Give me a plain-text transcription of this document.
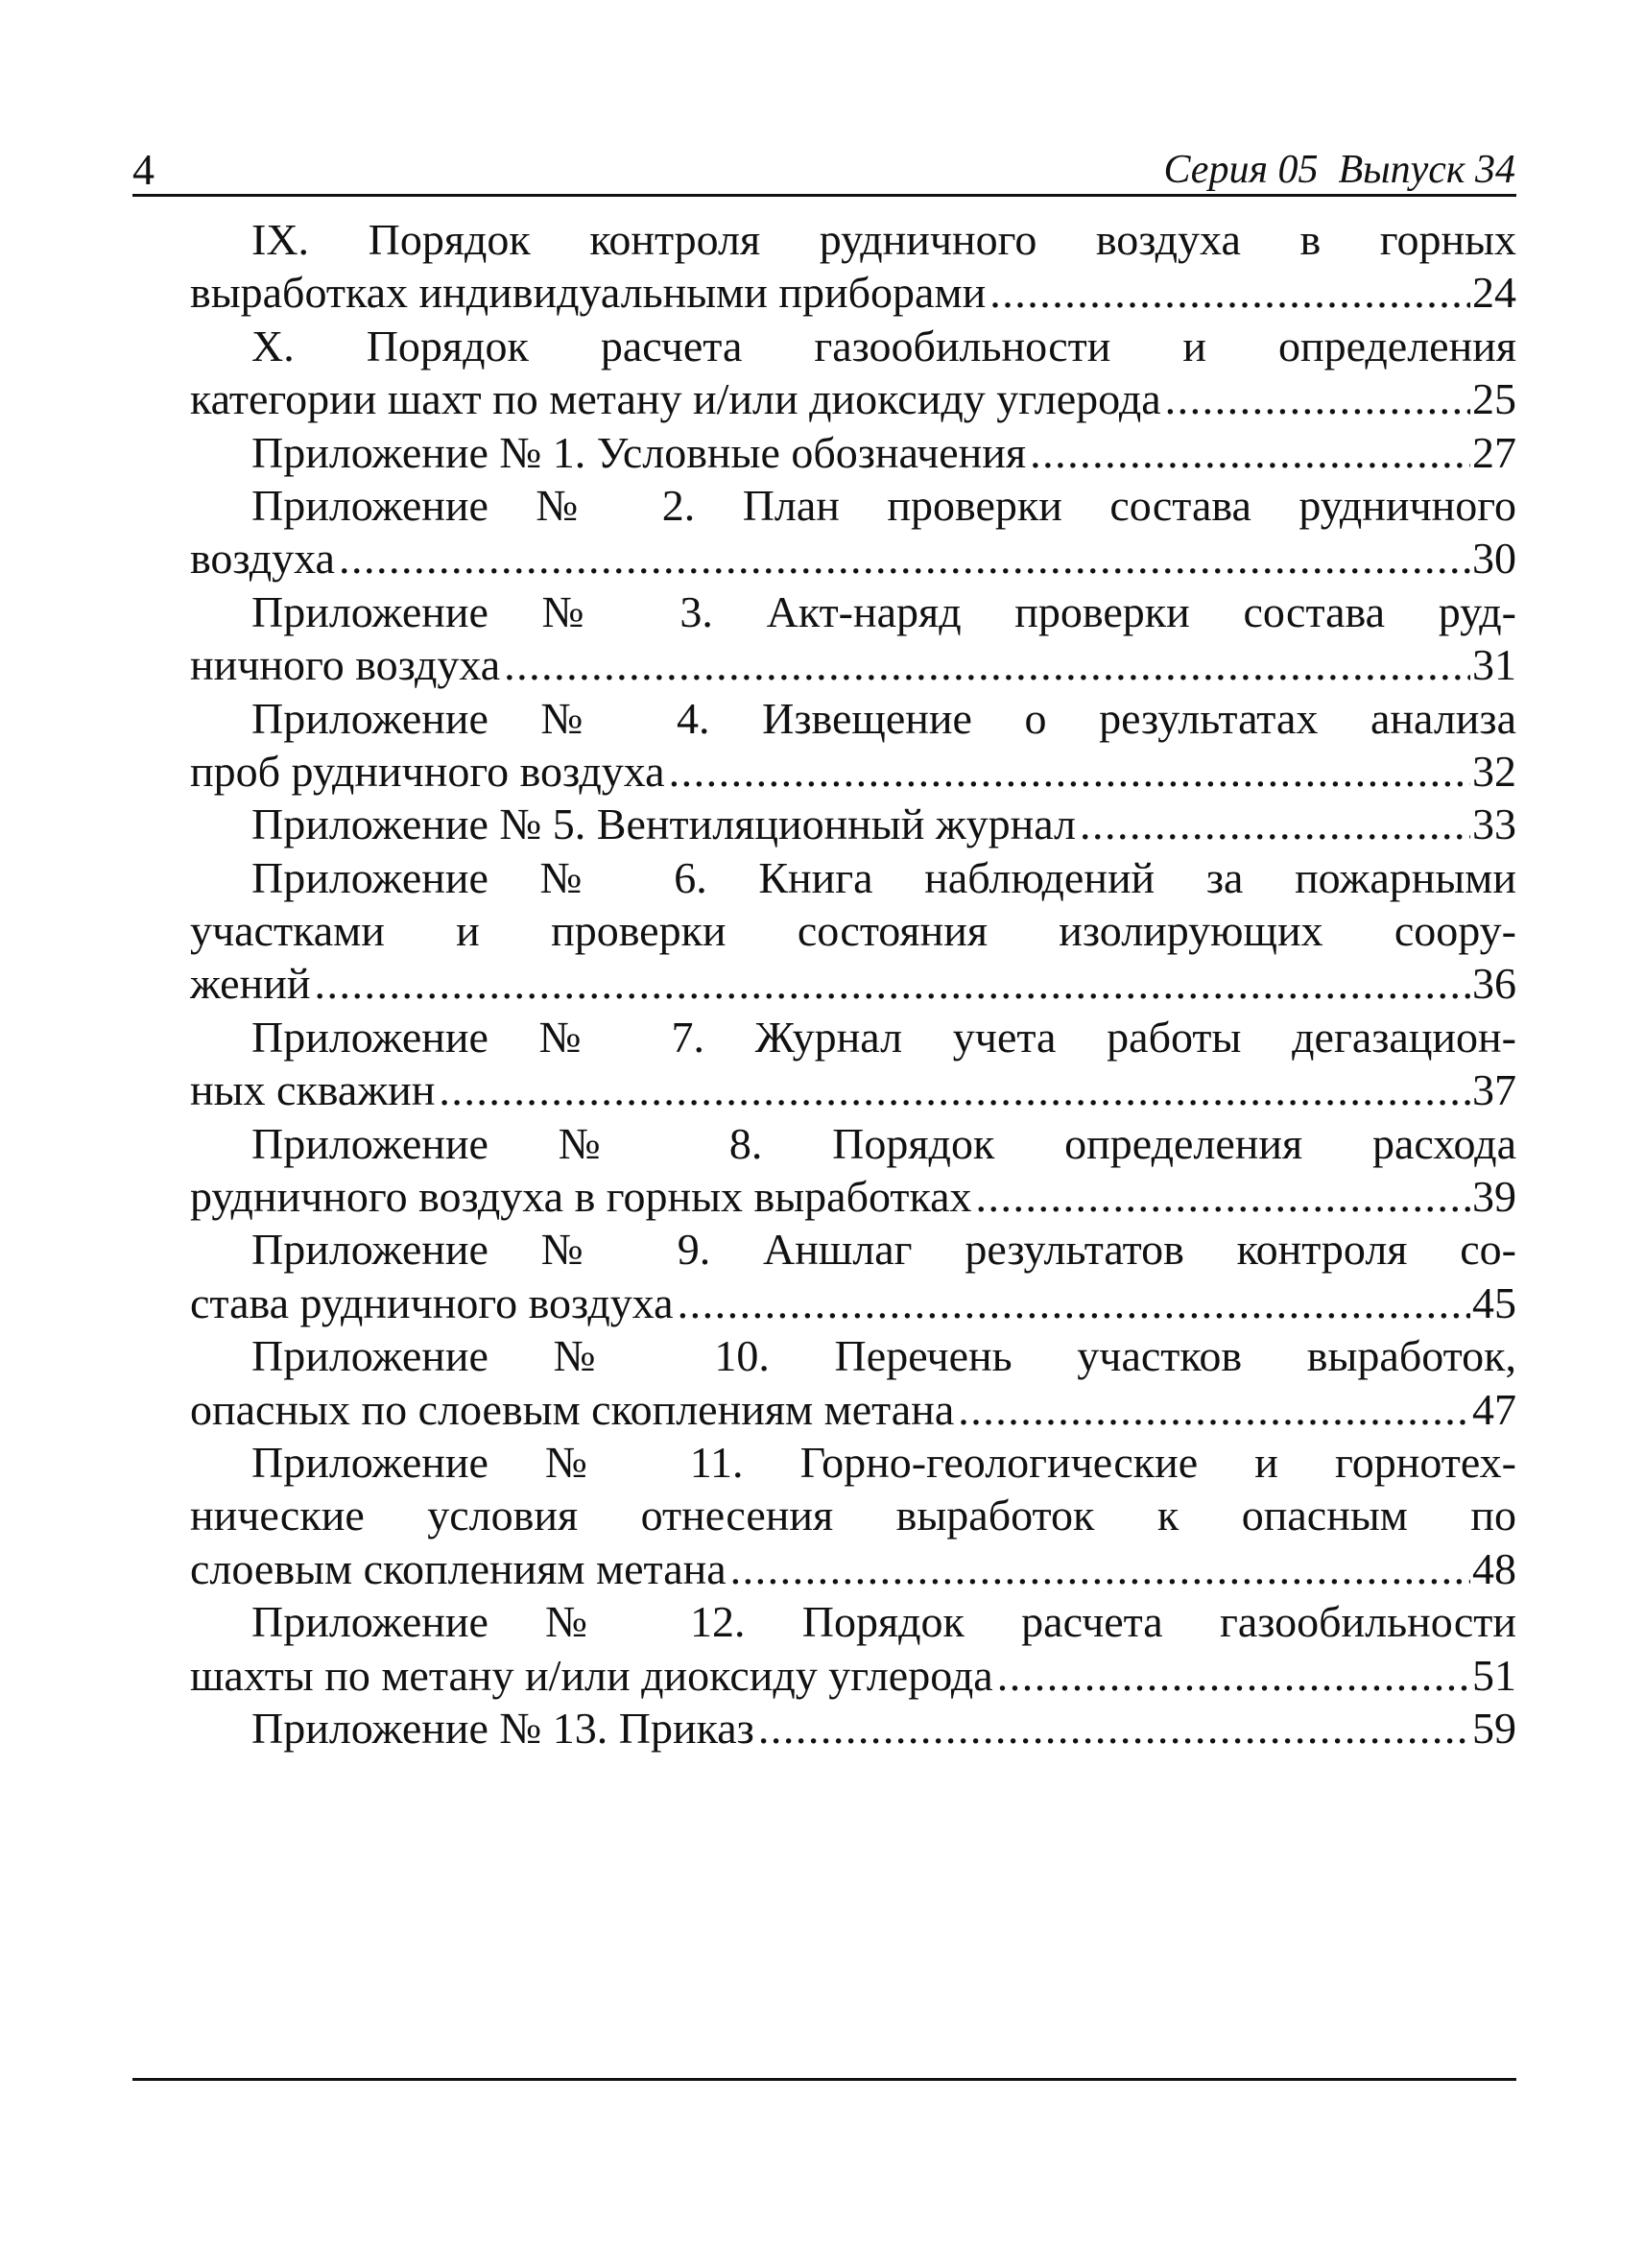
4	Серия 05  Выпуск 34
IX. Порядок контроля рудничного воздуха в горных
выработках индивидуальными приборами . . .	24
X. Порядок расчета газообильности и определения
категории шахт по метану и/или диоксиду углерода . . .	25
Приложение № 1. Условные обозначения . . .	27
Приложение № 2. План проверки состава рудничного
воздуха . . .	30
Приложение № 3. Акт-наряд проверки состава руд-
ничного воздуха . . .	31
Приложение № 4. Извещение о результатах анализа
проб рудничного воздуха . . .	32
Приложение № 5. Вентиляционный журнал . . .	33
Приложение № 6. Книга наблюдений за пожарными
участками и проверки состояния изолирующих соору-
жений . . .	36
Приложение № 7. Журнал учета работы дегазацион-
ных скважин . . .	37
Приложение № 8. Порядок определения расхода
рудничного воздуха в горных выработках . . .	39
Приложение № 9. Аншлаг результатов контроля со-
става рудничного воздуха . . .	45
Приложение № 10. Перечень участков выработок,
опасных по слоевым скоплениям метана . . .	47
Приложение № 11. Горно-геологические и горнотех-
нические условия отнесения выработок к опасным по
слоевым скоплениям метана . . .	48
Приложение № 12. Порядок расчета газообильности
шахты по метану и/или диоксиду углерода . . .	51
Приложение № 13. Приказ . . .	59
